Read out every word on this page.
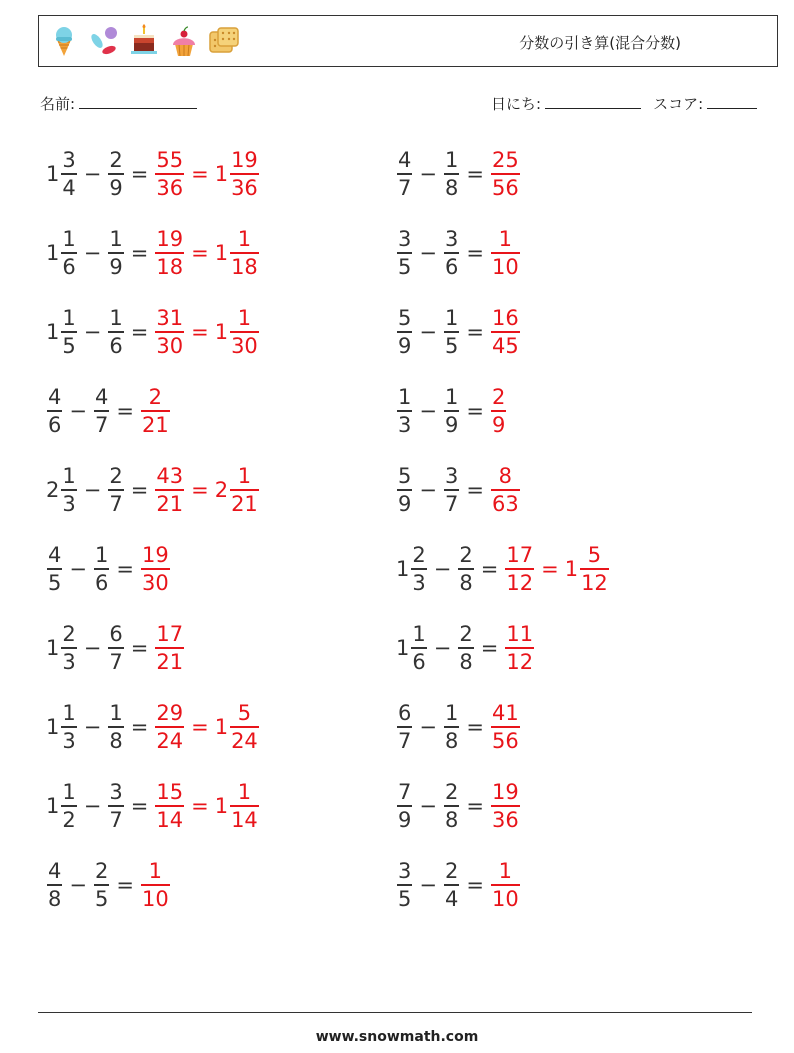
分数の引き算(混合分数)
名前:	日にち:	スコア:
$1 \frac{3}{4} - \frac{2}{9} = \frac{55}{36} = 1 \frac{19}{36}$	$\frac{4}{7} - \frac{1}{8} = \frac{25}{56}$
$1 \frac{1}{6} - \frac{1}{9} = \frac{19}{18} = 1 \frac{1}{18}$	$\frac{3}{5} - \frac{3}{6} = \frac{1}{10}$
$1 \frac{1}{5} - \frac{1}{6} = \frac{31}{30} = 1 \frac{1}{30}$	$\frac{5}{9} - \frac{1}{5} = \frac{16}{45}$
$\frac{4}{6} - \frac{4}{7} = \frac{2}{21}$	$\frac{1}{3} - \frac{1}{9} = \frac{2}{9}$
$2 \frac{1}{3} - \frac{2}{7} = \frac{43}{21} = 2 \frac{1}{21}$	$\frac{5}{9} - \frac{3}{7} = \frac{8}{63}$
$\frac{4}{5} - \frac{1}{6} = \frac{19}{30}$	$1 \frac{2}{3} - \frac{2}{8} = \frac{17}{12} = 1 \frac{5}{12}$
$1 \frac{2}{3} - \frac{6}{7} = \frac{17}{21}$	$1 \frac{1}{6} - \frac{2}{8} = \frac{11}{12}$
$1 \frac{1}{3} - \frac{1}{8} = \frac{29}{24} = 1 \frac{5}{24}$	$\frac{6}{7} - \frac{1}{8} = \frac{41}{56}$
$1 \frac{1}{2} - \frac{3}{7} = \frac{15}{14} = 1 \frac{1}{14}$	$\frac{7}{9} - \frac{2}{8} = \frac{19}{36}$
$\frac{4}{8} - \frac{2}{5} = \frac{1}{10}$	$\frac{3}{5} - \frac{2}{4} = \frac{1}{10}$
www.snowmath.com
